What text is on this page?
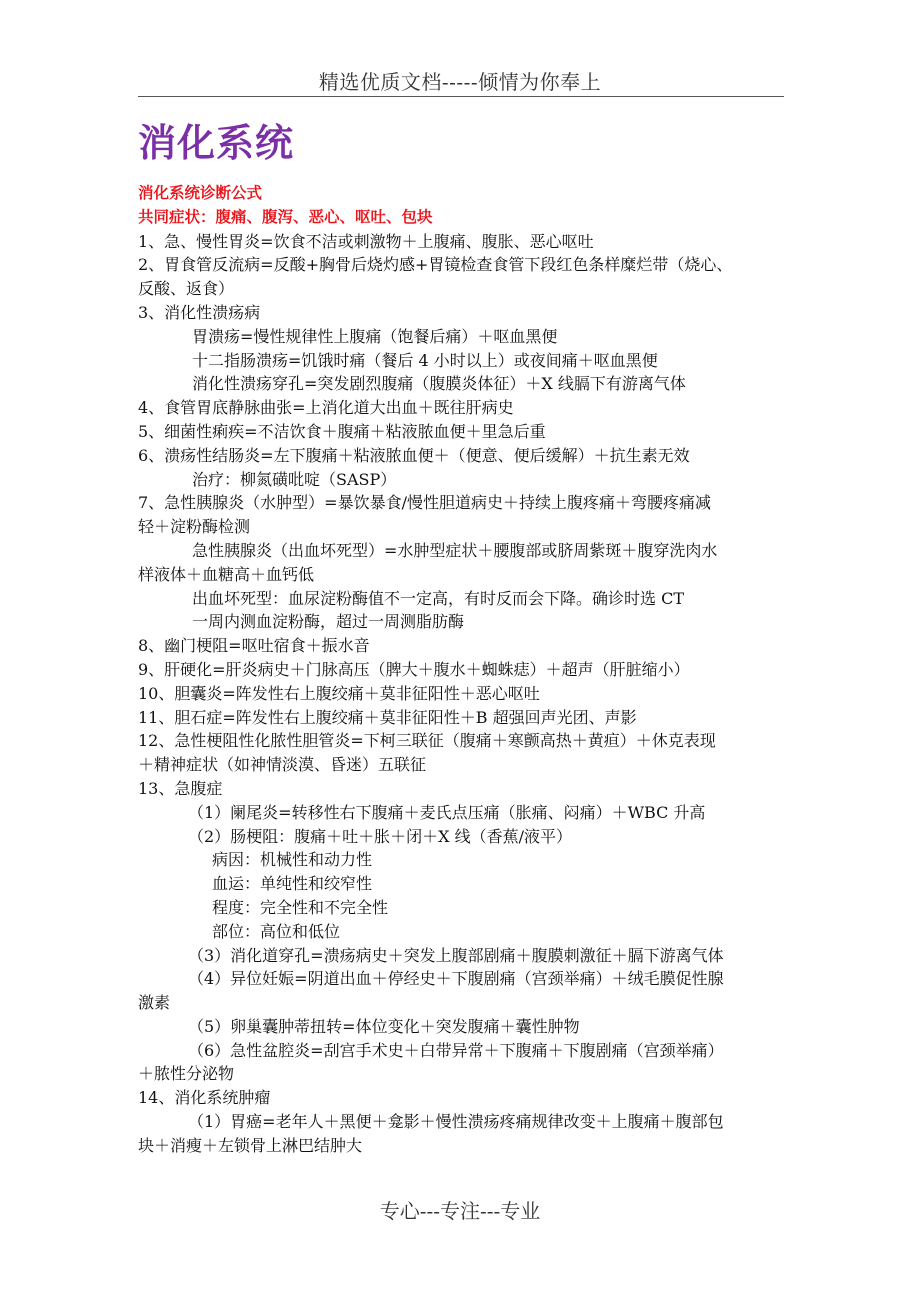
精选优质文档-----倾情为你奉上
消化系统
消化系统诊断公式
共同症状：腹痛、腹泻、恶心、呕吐、包块
1、急、慢性胃炎=饮食不洁或刺激物＋上腹痛、腹胀、恶心呕吐
2、胃食管反流病=反酸+胸骨后烧灼感+胃镜检查食管下段红色条样糜烂带（烧心、
反酸、返食）
3、消化性溃疡病
胃溃疡=慢性规律性上腹痛（饱餐后痛）＋呕血黑便
十二指肠溃疡=饥饿时痛（餐后 4 小时以上）或夜间痛＋呕血黑便
消化性溃疡穿孔=突发剧烈腹痛（腹膜炎体征）＋X 线膈下有游离气体
4、食管胃底静脉曲张=上消化道大出血＋既往肝病史
5、细菌性痢疾=不洁饮食＋腹痛＋粘液脓血便＋里急后重
6、溃疡性结肠炎=左下腹痛＋粘液脓血便＋（便意、便后缓解）＋抗生素无效
治疗：柳氮磺吡啶（SASP）
7、急性胰腺炎（水肿型）=暴饮暴食/慢性胆道病史＋持续上腹疼痛＋弯腰疼痛减
轻＋淀粉酶检测
急性胰腺炎（出血坏死型）=水肿型症状＋腰腹部或脐周紫斑＋腹穿洗肉水
样液体＋血糖高＋血钙低
出血坏死型：血尿淀粉酶值不一定高，有时反而会下降。确诊时选 CT
一周内测血淀粉酶，超过一周测脂肪酶
8、幽门梗阻=呕吐宿食＋振水音
9、肝硬化=肝炎病史＋门脉高压（脾大＋腹水＋蜘蛛痣）＋超声（肝脏缩小）
10、胆囊炎=阵发性右上腹绞痛＋莫非征阳性＋恶心呕吐
11、胆石症=阵发性右上腹绞痛＋莫非征阳性＋B 超强回声光团、声影
12、急性梗阻性化脓性胆管炎=下柯三联征（腹痛＋寒颤高热＋黄疸）＋休克表现
＋精神症状（如神情淡漠、昏迷）五联征
13、急腹症
（1）阑尾炎=转移性右下腹痛＋麦氏点压痛（胀痛、闷痛）＋WBC 升高
（2）肠梗阻：腹痛＋吐＋胀＋闭＋X 线（香蕉/液平）
病因：机械性和动力性
血运：单纯性和绞窄性
程度：完全性和不完全性
部位：高位和低位
（3）消化道穿孔=溃疡病史＋突发上腹部剧痛＋腹膜刺激征＋膈下游离气体
（4）异位妊娠=阴道出血＋停经史＋下腹剧痛（宫颈举痛）＋绒毛膜促性腺
激素
（5）卵巢囊肿蒂扭转=体位变化＋突发腹痛＋囊性肿物
（6）急性盆腔炎=刮宫手术史＋白带异常＋下腹痛＋下腹剧痛（宫颈举痛）
＋脓性分泌物
14、消化系统肿瘤
（1）胃癌=老年人＋黑便＋龛影＋慢性溃疡疼痛规律改变＋上腹痛＋腹部包
块＋消瘦＋左锁骨上淋巴结肿大
专心---专注---专业
